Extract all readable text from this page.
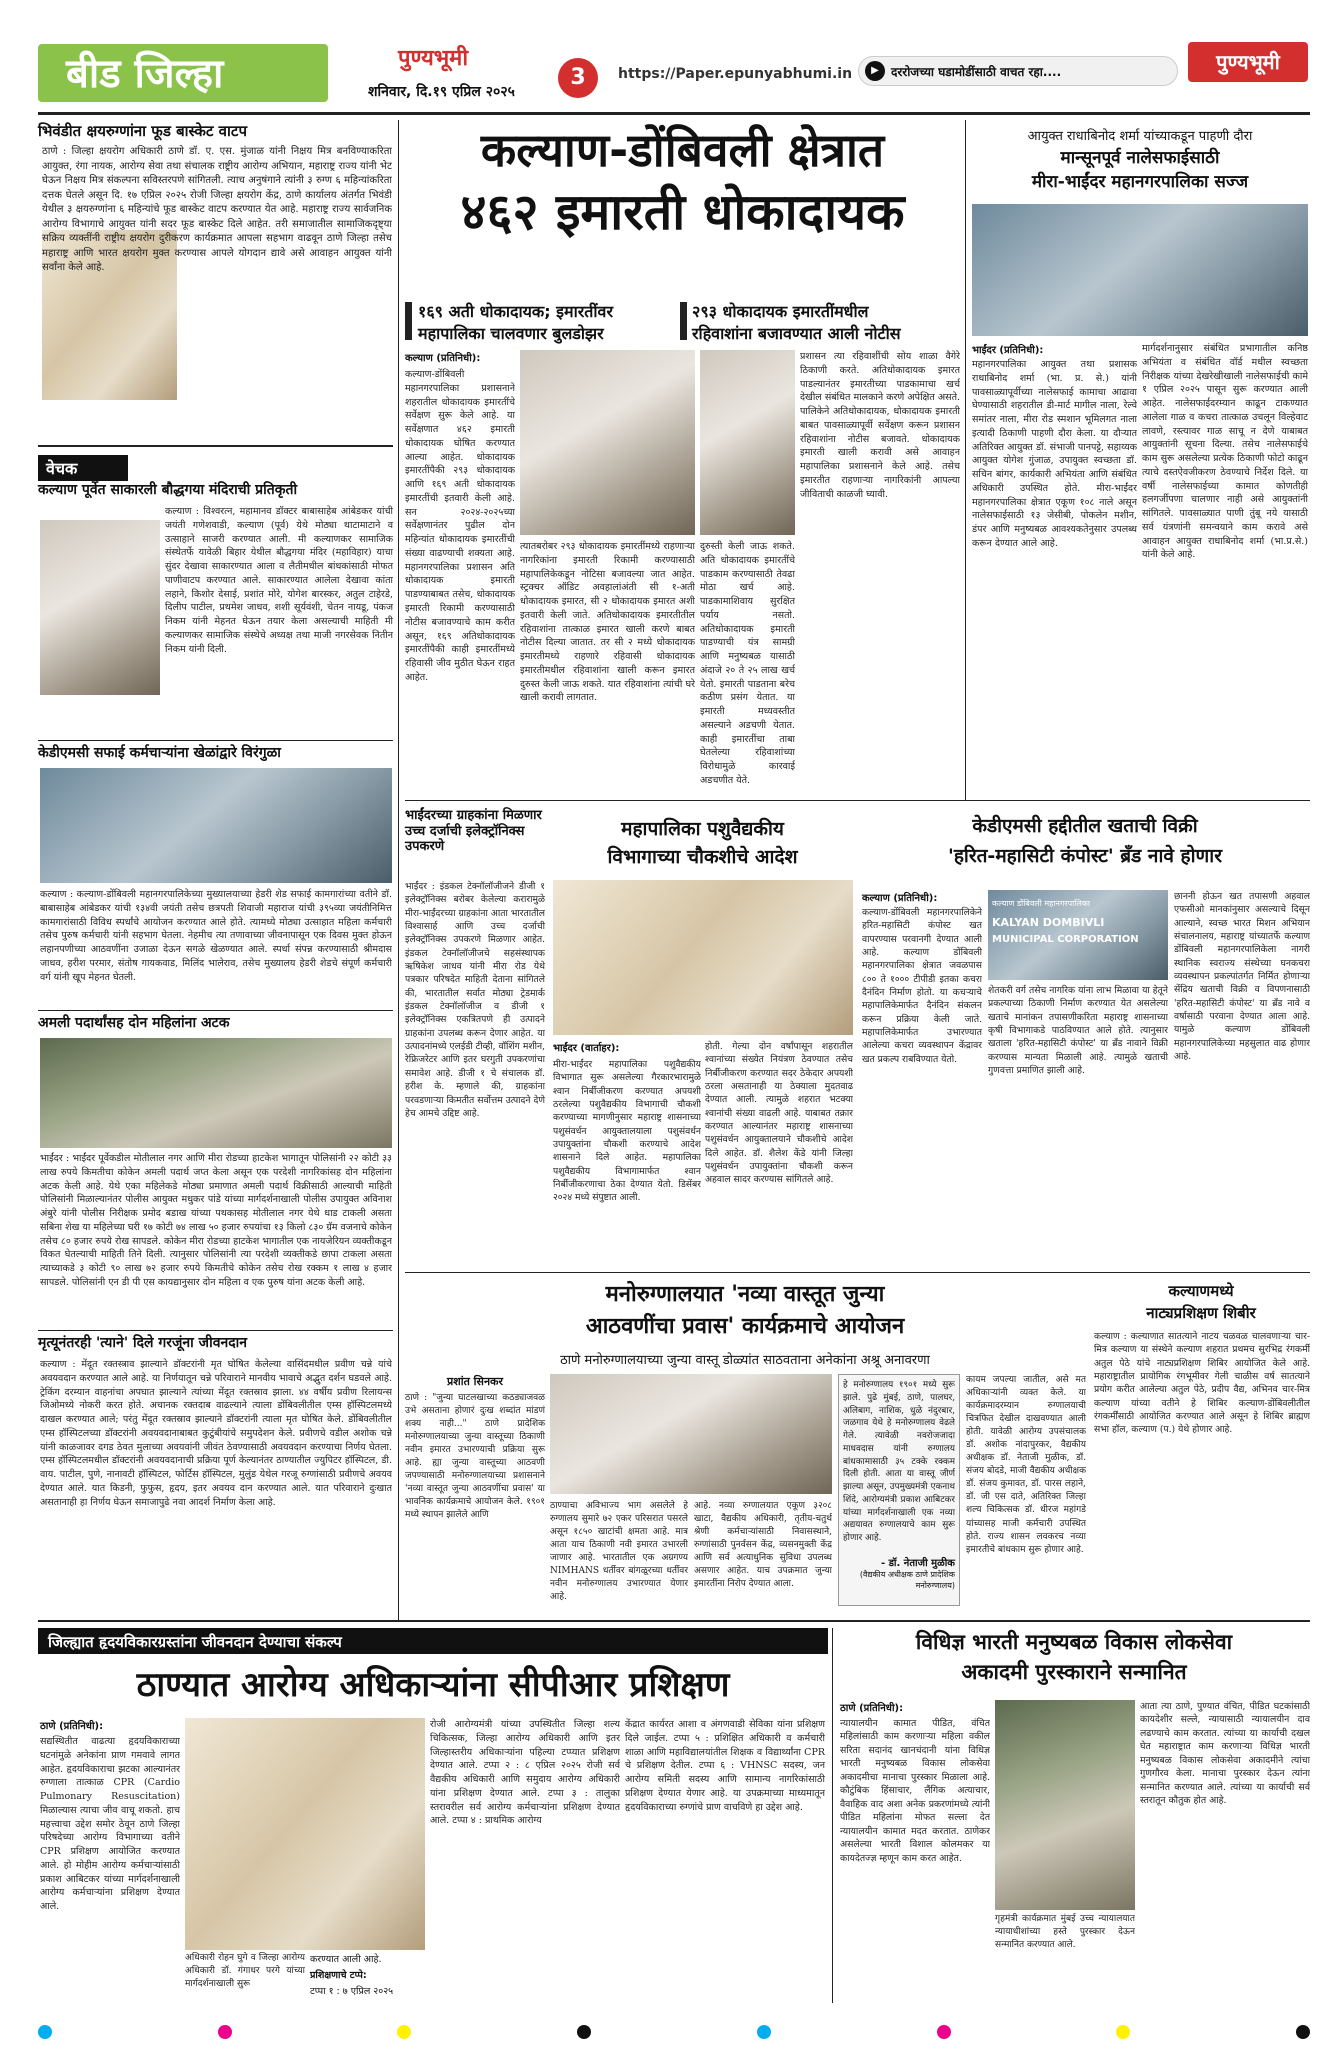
बीड जिल्हा	पुण्यभूमी
शनिवार, दि.१९ एप्रिल २०२५
3	https://Paper.epunyabhumi.in	▶	दररोजच्या घडामोडींसाठी वाचत रहा....	पुण्यभूमी
भिवंडीत क्षयरुग्णांना फूड बास्केट वाटप
ठाणे : जिल्हा क्षयरोग अधिकारी ठाणे डॉ. ए. एस. मुंजाळ यांनी निक्षय मित्र बनविण्याकरिता आयुक्त, रंगा नायक, आरोग्य सेवा तथा संचालक राष्ट्रीय आरोग्य अभियान, महाराष्ट्र राज्य यांनी भेट घेऊन निक्षय मित्र संकल्पना सविस्तरपणे सांगितली. त्याच अनुषंगाने त्यांनी ३ रुग्ण ६ महिन्यांकरिता दत्तक घेतले असून दि. १७ एप्रिल २०२५ रोजी जिल्हा क्षयरोग केंद्र, ठाणे कार्यालय अंतर्गत भिवंडी येथील ३ क्षयरुग्णांना ६ महिन्यांचे फूड बास्केट वाटप करण्यात येत आहे. महाराष्ट्र राज्य सार्वजनिक आरोग्य विभागाचे आयुक्त यांनी सदर फूड बास्केट दिले आहेत. तरी समाजातील सामाजिकदृष्ट्या सक्रिय व्यक्तींनी राष्ट्रीय क्षयरोग दुरीकरण कार्यक्रमात आपला सहभाग वाढवून ठाणे जिल्हा तसेच महाराष्ट्र आणि भारत क्षयरोग मुक्त करण्यास आपले योगदान द्यावे असे आवाहन आयुक्त यांनी सर्वांना केले आहे.
वेचक
कल्याण पूर्वेत साकारली बौद्धगया मंदिराची प्रतिकृती
कल्याण : विश्वरत्न, महामानव डॉक्टर बाबासाहेब आंबेडकर यांची जयंती गणेशवाडी, कल्याण (पूर्व) येथे मोठ्या थाटामाटाने व उत्साहाने साजरी करण्यात आली. मी कल्याणकर सामाजिक संस्थेतर्फे यावेळी बिहार येथील बौद्धगया मंदिर (महाविहार) याचा सुंदर देखावा साकारण्यात आला व लैतीमधील बांधकांसाठी मोफत पाणीवाटप करण्यात आले. साकारण्यात आलेला देखावा कांता लहाने, किशोर देसाई, प्रशांत मोरे, योगेश बारस्कर, अतुल टाहेरडे, दिलीप पाटील, प्रथमेश जाधव, शशी सूर्यवंशी, चेतन नायडू, पंकज निकम यांनी मेहनत घेऊन तयार केला असल्याची माहिती मी कल्याणकर सामाजिक संस्थेचे अध्यक्ष तथा माजी नगरसेवक नितीन निकम यांनी दिली.
केडीएमसी सफाई कर्मचाऱ्यांना खेळांद्वारे विरंगुळा
कल्याण : कल्याण-डोंबिवली महानगरपालिकेच्या मुख्यालयाच्या हेडरी शेड सफाई कामगारांच्या वतीने डॉ. बाबासाहेब आंबेडकर यांची १३४वी जयंती तसेच छत्रपती शिवाजी महाराज यांची ३९५व्या जयंतीनिमित्त कामगारांसाठी विविध स्पर्धांचे आयोजन करण्यात आले होते. त्यामध्ये मोठ्या उत्साहात महिला कर्मचारी तसेच पुरुष कर्मचारी यांनी सहभाग घेतला. नेहमीच त्या तणावाच्या जीवनापासून एक दिवस मुक्त होऊन लहानपणीच्या आठवणींना उजाळा देऊन सगळे खेळण्यात आले. स्पर्धा संपन्न करण्यासाठी श्रीमदास जाधव, हरीश परमार, संतोष गायकवाड, मिलिंद भालेराव, तसेच मुख्यालय हेडरी शेडचे संपूर्ण कर्मचारी वर्ग यांनी खूप मेहनत घेतली.
अमली पदार्थांसह दोन महिलांना अटक
भाईंदर : भाईंदर पूर्वेकडील मोतीलाल नगर आणि मीरा रोडच्या हाटकेश भागातून पोलिसांनी २२ कोटी ३३ लाख रुपये किमतीचा कोकेन अमली पदार्थ जप्त केला असून एक परदेशी नागरिकांसह दोन महिलांना अटक केली आहे. येथे एका महिलेकडे मोठ्या प्रमाणात अमली पदार्थ विक्रीसाठी आल्याची माहिती पोलिसांनी मिळाल्यानंतर पोलीस आयुक्त मधुकर पांडे यांच्या मार्गदर्शनाखाली पोलीस उपायुक्त अविनाश अंबुरे यांनी पोलीस निरीक्षक प्रमोद बडाख यांच्या पथकासह मोतीलाल नगर येथे धाड टाकली असता सबिना शेख या महिलेच्या घरी १७ कोटी ७४ लाख ५० हजार रुपयांचा १३ किलो ८३० ग्रॅम वजनाचे कोकेन तसेच ८० हजार रुपये रोख सापडले. कोकेन मीरा रोडच्या हाटकेश भागातील एक नायजेरियन व्यक्तीकडून विकत घेतल्याची माहिती तिने दिली. त्यानुसार पोलिसांनी त्या परदेशी व्यक्तीकडे छापा टाकला असता त्याच्याकडे ३ कोटी ९० लाख ७२ हजार रुपये किमतीचे कोकेन तसेच रोख रक्कम १ लाख ४ हजार सापडले. पोलिसांनी एन डी पी एस कायद्यानुसार दोन महिला व एक पुरुष यांना अटक केली आहे.
मृत्यूनंतरही 'त्याने' दिले गरजूंना जीवनदान
कल्याण : मेंदूत रक्तस्त्राव झाल्याने डॉक्टरांनी मृत घोषित केलेल्या वासिंदमधील प्रवीण चन्ने यांचे अवयवदान करण्यात आले आहे. या निर्णयातून चन्ने परिवाराने मानवीय भावाचे अद्भुत दर्शन घडवले आहे. ट्रेकिंग दरम्यान वाहनांचा अपघात झाल्याने त्यांच्या मेंदूत रक्तस्राव झाला. ४४ वर्षीय प्रवीण रिलायन्स जिओमध्ये नोकरी करत होते. अचानक रक्तदाब वाढल्याने त्याला डोंबिवलीतील एम्स हॉस्पिटलमध्ये दाखल करण्यात आले; परंतु मेंदूत रक्तस्राव झाल्याने डॉक्टरांनी त्याला मृत घोषित केले. डोंबिवलीतील एम्स हॉस्पिटलच्या डॉक्टरांनी अवयवदानाबाबत कुटुंबीयांचे समुपदेशन केले. प्रवीणचे वडील अशोक चन्ने यांनी काळजावर दगड ठेवत मुलाच्या अवयवांनी जीवंत ठेवण्यासाठी अवयवदान करण्याचा निर्णय घेतला. एम्स हॉस्पिटलमधील डॉक्टरांनी अवयवदानाची प्रक्रिया पूर्ण केल्यानंतर ठाण्यातील ज्युपिटर हॉस्पिटल, डी. वाय. पाटील, पुणे, नानावटी हॉस्पिटल, फोर्टिस हॉस्पिटल, मुलुंड येथेल गरजू रुग्णांसाठी प्रवीणचे अवयव देण्यात आले. यात किडनी, फुफुस, हृदय, इतर अवयव दान करण्यात आले. यात परिवाराने दुःखात असतानाही हा निर्णय घेऊन समाजापुढे नवा आदर्श निर्माण केला आहे.
कल्याण-डोंबिवली क्षेत्रात
४६२ इमारती धोकादायक
१६९ अती धोकादायक; इमारतींवर
महापालिका चालवणार बुलडोझर
२९३ धोकादायक इमारतींमधील
रहिवाशांना बजावण्यात आली नोटीस
कल्याण (प्रतिनिधी):
कल्याण-डोंबिवली महानगरपालिका प्रशासनाने शहरातील धोकादायक इमारतींचे सर्वेक्षण सुरू केले आहे. या सर्वेक्षणात ४६२ इमारती धोकादायक घोषित करण्यात आल्या आहेत. धोकादायक इमारतींपैकी २९३ धोकादायक आणि १६९ अती धोकादायक इमारतींची इतवारी केली आहे. सन २०२४-२०२५च्या सर्वेक्षणानंतर पुढील दोन महिन्यांत धोकादायक इमारतींची संख्या वाढण्याची शक्यता आहे. महानगरपालिका प्रशासन अति धोकादायक इमारती पाडण्याबाबत तसेच, धोकादायक इमारती रिकामी करण्यासाठी नोटीस बजावण्याचे काम करीत असून, १६९ अतिधोकादायक इमारतींपैकी काही इमारतींमध्ये रहिवासी जीव मुठीत घेऊन राहत आहेत.
त्यातबरोबर २९३ धोकादायक इमारतींमध्ये राहणाऱ्या नागरिकांना इमारती रिकामी करण्यासाठी महापालिकेकडून नोटिसा बजावल्या जात आहेत. स्ट्रक्चर ऑडिट अवहालांअंती सी १-अती धोकादायक इमारत, सी २ धोकादायक इमारत अशी इतवारी केली जाते. अतिधोकादायक इमारतीतील रहिवाशांना तात्काळ इमारत खाली करणे बाबत नोटीस दिल्या जातात. तर सी २ मध्ये धोकादायक इमारतीमध्ये राहणारे रहिवासी धोकादायक इमारतीमधील रहिवाशांना खाली करून इमारत दुरुस्त केली जाऊ शकते. यात रहिवाशांना त्यांची घरे खाली करावी लागतात.
दुरुस्ती केली जाऊ शकते. अति धोकादायक इमारतींचे पाडकाम करण्यासाठी तेवढा मोठा खर्च आहे. पाडकामाशिवाय सुरक्षित पर्याय नसतो. अतिधोकादायक इमारती पाडण्याची यंत्र सामग्री आणि मनुष्यबळ यासाठी अंदाजे २० ते २५ लाख खर्च येतो. इमारती पाडताना बरेच कठीण प्रसंग येतात. या इमारती मध्यवस्तीत असल्याने अडचणी येतात. काही इमारतींचा ताबा घेतलेल्या रहिवाशांच्या विरोधामुळे कारवाई अडचणीत येते.
प्रशासन त्या रहिवाशींची सोय शाळा वैगेरे ठिकाणी करते. अतिधोकादायक इमारत पाडल्यानंतर इमारतीच्या पाडकामाचा खर्च देखील संबंधित मालकाने करणे अपेक्षित असते. पालिकेने अतिधोकादायक, धोकादायक इमारती बाबत पावसाळ्यापूर्वी सर्वेक्षण करून प्रशासन रहिवाशांना नोटीस बजावते. धोकादायक इमारती खाली करावी असे आवाहन महापालिका प्रशासनाने केले आहे. तसेच इमारतीत राहणाऱ्या नागरिकांनी आपल्या जीविताची काळजी घ्यावी.
आयुक्त राधाबिनोद शर्मा यांच्याकडून पाहणी दौरा
मान्सूनपूर्व नालेसफाईसाठी
मीरा-भाईंदर महानगरपालिका सज्ज
भाईंदर (प्रतिनिधी):
महानगरपालिका आयुक्त तथा प्रशासक राधाबिनोद शर्मा (भा. प्र. से.) यांनी पावसाळ्यापूर्वीच्या नालेसफाई कामाचा आढावा घेण्यासाठी शहरातील डी-मार्ट मागील नाला, रेल्वे समांतर नाला, मीरा रोड स्मशान भूमिलगत नाला इत्यादी ठिकाणी पाहणी दौरा केला. या दौऱ्यात अतिरिक्त आयुक्त डॉ. संभाजी पानपट्टे, सहाय्यक आयुक्त योगेश गुंजाळ, उपायुक्त स्वच्छता डॉ. सचिन बांगर, कार्यकारी अभियंता आणि संबंधित अधिकारी उपस्थित होते. मीरा-भाईंदर महानगरपालिका क्षेत्रात एकूण १०८ नाले असून नालेसफाईसाठी १३ जेसीबी, पोकलेन मशीन, डंपर आणि मनुष्यबळ आवश्यकतेनुसार उपलब्ध करून देण्यात आले आहे.
मार्गदर्शनानुसार संबंधित प्रभागातील कनिष्ठ अभियंता व संबंधित वॉर्ड मधील स्वच्छता निरीक्षक यांच्या देखरेखीखाली नालेसफाईची कामे १ एप्रिल २०२५ पासून सुरू करण्यात आली आहेत. नालेसफाईदरम्यान काढून टाकण्यात आलेला गाळ व कचरा तात्काळ उचलून विल्हेवाट लावणे, रस्त्यावर गाळ साचू न देणे याबाबत आयुक्तांनी सूचना दिल्या. तसेच नालेसफाईचे काम सुरू असलेल्या प्रत्येक ठिकाणी फोटो काढून त्याचे दस्तऐवजीकरण ठेवण्याचे निर्देश दिले. या वर्षी नालेसफाईच्या कामात कोणतीही हलगर्जीपणा चालणार नाही असे आयुक्तांनी सांगितले. पावसाळ्यात पाणी तुंबू नये यासाठी सर्व यंत्रणांनी समन्वयाने काम करावे असे आवाहन आयुक्त राधाबिनोद शर्मा (भा.प्र.से.) यांनी केले आहे.
भाईंदरच्या ग्राहकांना मिळणार उच्च दर्जाची इलेक्ट्रॉनिक्स उपकरणे
भाईंदर : इंडकल टेक्नॉलॉजीजने डीजी १ इलेक्ट्रॉनिक्स बरोबर केलेल्या करारामुळे मीरा-भाईंदरच्या ग्राहकांना आता भारतातील विश्वासार्ह आणि उच्च दर्जाची इलेक्ट्रॉनिक्स उपकरणे मिळणार आहेत. इंडकल टेक्नॉलॉजीजचे सहसंस्थापक ऋषिकेश जाधव यांनी मीरा रोड येथे पत्रकार परिषदेत माहिती देताना सांगितले की, भारतातील सर्वात मोठ्या ट्रेडमार्क इंडकल टेक्नॉलॉजीज व डीजी १ इलेक्ट्रॉनिक्स एकत्रितपणे ही उत्पादने ग्राहकांना उपलब्ध करून देणार आहेत. या उत्पादनांमध्ये एलईडी टीव्ही, वॉशिंग मशीन, रेफ्रिजरेटर आणि इतर घरगुती उपकरणांचा समावेश आहे. डीजी १ चे संचालक डॉ. हरीश के. म्हणाले की, ग्राहकांना परवडणाऱ्या किमतीत सर्वोत्तम उत्पादने देणे हेच आमचे उद्दिष्ट आहे.
महापालिका पशुवैद्यकीय
विभागाच्या चौकशीचे आदेश
भाईंदर (वार्ताहर):
मीरा-भाईंदर महापालिका पशुवैद्यकीय विभागात सुरू असलेल्या गैरकारभारामुळे श्वान निर्बीजीकरण करण्यात अपयशी ठरलेल्या पशुवैद्यकीय विभागाची चौकशी करण्याच्या मागणीनुसार महाराष्ट्र शासनाच्या पशुसंवर्धन आयुक्तालयाला पशुसंवर्धन उपायुक्तांना चौकशी करण्याचे आदेश शासनाने दिले आहेत. महापालिका पशुवैद्यकीय विभागामार्फत श्वान निर्बीजीकरणाचा ठेका देण्यात येतो. डिसेंबर २०२४ मध्ये संपुष्टात आली.
होती. गेल्या दोन वर्षांपासून शहरातील श्वानांच्या संख्येत नियंत्रण ठेवण्यात तसेच निर्बीजीकरण करण्यात सदर ठेकेदार अपयशी ठरला असतानाही या ठेक्याला मुदतवाढ देण्यात आली. त्यामुळे शहरात भटक्या श्वानांची संख्या वाढली आहे. याबाबत तक्रार करण्यात आल्यानंतर महाराष्ट्र शासनाच्या पशुसंवर्धन आयुक्तालयाने चौकशीचे आदेश दिले आहेत. डॉ. शैलेश केंडे यांनी जिल्हा पशुसंवर्धन उपायुक्तांना चौकशी करून अहवाल सादर करण्यास सांगितले आहे.
केडीएमसी हद्दीतील खताची विक्री
'हरित-महासिटी कंपोस्ट' ब्रँड नावे होणार
कल्याण (प्रतिनिधी):
कल्याण-डोंबिवली महानगरपालिकेने हरित-महासिटी कंपोस्ट खत वापरण्यास परवानगी देण्यात आली आहे. कल्याण डोंबिवली महानगरपालिका क्षेत्रात जवळपास ८०० ते १००० टीपीडी इतका कचरा दैनंदिन निर्माण होतो. या कचऱ्याचे महापालिकेमार्फत दैनंदिन संकलन करून प्रक्रिया केली जाते. महापालिकेमार्फत उभारण्यात आलेल्या कचरा व्यवस्थापन केंद्रावर खत प्रकल्प राबविण्यात येतो.
कल्याण डोंबिवली महानगरपालिका
KALYAN DOMBIVLI
MUNICIPAL CORPORATION
शेतकरी वर्ग तसेच नागरिक यांना लाभ मिळावा या हेतूने प्रकल्पाच्या ठिकाणी निर्माण करण्यात येत असलेल्या खताचे मानांकन तपासणीकरिता महाराष्ट्र शासनाच्या कृषी विभागाकडे पाठविण्यात आले होते. त्यानुसार खताला 'हरित-महासिटी कंपोस्ट' या ब्रँड नावाने विक्री करण्यास मान्यता मिळाली आहे. त्यामुळे खताची गुणवत्ता प्रमाणित झाली आहे.
छाननी होऊन खत तपासणी अहवाल एफसीओ मानकांनुसार असल्याचे दिसून आल्याने, स्वच्छ भारत मिशन अभियान संचालनालय, महाराष्ट्र यांच्यातर्फे कल्याण डोंबिवली महानगरपालिकेला नागरी स्थानिक स्वराज्य संस्थेच्या घनकचरा व्यवस्थापन प्रकल्पांतर्गत निर्मित होणाऱ्या सेंद्रिय खताची विक्री व विपणनासाठी 'हरित-महासिटी कंपोस्ट' या ब्रँड नावे व वर्षासाठी परवाना देण्यात आला आहे. यामुळे कल्याण डोंबिवली महानगरपालिकेच्या महसुलात वाढ होणार आहे.
मनोरुग्णालयात 'नव्या वास्तूत जुन्या
आठवणींचा प्रवास' कार्यक्रमाचे आयोजन
ठाणे मनोरुग्णालयाच्या जुन्या वास्तू डोळ्यांत साठवताना अनेकांना अश्रू अनावरणा
प्रशांत सिनकर
ठाणे : "जुन्या घाटलखाच्या कठड्याजवळ उभे असताना होणारं दुःख शब्दांत मांडणं शक्य नाही..." ठाणे प्रादेशिक मनोरुग्णालयाच्या जुन्या वास्तूच्या ठिकाणी नवीन इमारत उभारण्याची प्रक्रिया सुरू आहे. ह्या जुन्या वास्तूच्या आठवणी जपण्यासाठी मनोरुग्णालयाच्या प्रशासनाने 'नव्या वास्तूत जुन्या आठवणींचा प्रवास' या भावनिक कार्यक्रमाचे आयोजन केले. १९०१ मध्ये स्थापन झालेले आणि
ठाण्याचा अविभाज्य भाग असलेले हे रुग्णालय सुमारे ७२ एकर परिसरात पसरले असून १८५० खाटांची क्षमता आहे. मात्र आता याच ठिकाणी नवी इमारत उभारली जाणार आहे. भारतातील एक अग्रगण्य NIMHANS धर्तीवर बांगळूरच्या धर्तीवर नवीन मनोरुग्णालय उभारण्यात येणार आहे.
आहे. नव्या रुग्णालयात एकूण ३२०८ खाटा, वैद्यकीय अधिकारी, तृतीय-चतुर्थ श्रेणी कर्मचाऱ्यांसाठी निवासस्थाने, रुग्णांसाठी पुनर्वसन केंद्र, व्यसनमुक्ती केंद्र आणि सर्व अत्याधुनिक सुविधा उपलब्ध असणार आहेत. याच उपक्रमात जुन्या इमारतींना निरोप देण्यात आला.
हे मनोरुग्णालय १९०१ मध्ये सुरू झाले. पुढे मुंबई, ठाणे, पालघर, अलिबाग, नाशिक, धुळे नंदुरबार, जळगाव येथे हे मनोरुग्णालय वेढले गेले. त्यावेळी नवरोजजादा माधवदास यांनी रुग्णालय बांधकामासाठी ३५ टक्के रक्कम दिली होती. आता या वास्तू जीर्ण झाल्या असून, उपमुख्यमंत्री एकनाथ शिंदे, आरोग्यमंत्री प्रकाश आबिटकर यांच्या मार्गदर्शनाखाली एक नव्या अद्ययावत रुग्णालयाचे काम सुरू होणार आहे.
- डॉ. नेताजी मुळीक
(वैद्यकीय अधीक्षक ठाणे प्रादेशिक मनोरुग्णालय)
कायम जपल्या जातील, असे मत अधिकाऱ्यांनी व्यक्त केले. या कार्यक्रमादरम्यान रुग्णालयाची चित्रफित देखील दाखवण्यात आली होती. यावेळी आरोग्य उपसंचालक डॉ. अशोक नांदापुरकर, वैद्यकीय अधीक्षक डॉ. नेताजी मुळीक, डॉ. संजय बोदडे, माजी वैद्यकीय अधीक्षक डॉ. संजय कुमावत, डॉ. पारस लहाने, डॉ. जी एस दाते, अतिरिक्त जिल्हा शल्य चिकित्सक डॉ. धीरज महांगडे यांच्यासह माजी कर्मचारी उपस्थित होते. राज्य शासन लवकरच नव्या इमारतीचे बांधकाम सुरू होणार आहे.
कल्याणमध्ये
नाट्यप्रशिक्षण शिबीर
कल्याण : कल्याणात सातत्याने नाटय चळवळ चालवणाऱ्या चार-मित्र कल्याण या संस्थेने कल्याण शहरात प्रथमच सुरभिद्र रंगकर्मी अतुल पेठे यांचे नाट्यप्रशिक्षण शिबिर आयोजित केले आहे. महाराष्ट्रातील प्रायोगिक रंगभूमीवर गेली चाळीस वर्ष सातत्याने प्रयोग करीत आलेल्या अतुल पेठे, प्रदीप वैद्य, अभिनव चार-मित्र कल्याण यांच्या वतीने हे शिबिर कल्याण-डोंबिवलीतील रंगकर्मींसाठी आयोजित करण्यात आले असून हे शिबिर ब्राह्मण सभा हॉल, कल्याण (प.) येथे होणार आहे.
जिल्ह्यात हृदयविकारग्रस्तांना जीवनदान देण्याचा संकल्प
ठाण्यात आरोग्य अधिकाऱ्यांना सीपीआर प्रशिक्षण
ठाणे (प्रतिनिधी):
सद्यस्थितीत वाढत्या हृदयविकाराच्या घटनांमुळे अनेकांना प्राण गमवावे लागत आहेत. हृदयविकाराचा झटका आल्यानंतर रुग्णाला तात्काळ CPR (Cardio Pulmonary Resuscitation) मिळाल्यास त्याचा जीव वाचू शकतो. हाच महत्त्वाचा उद्देश समोर ठेवून ठाणे जिल्हा परिषदेच्या आरोग्य विभागाच्या वतीने CPR प्रशिक्षण आयोजित करण्यात आले. हो मोहीम आरोग्य कर्मचाऱ्यांसाठी प्रकाश आबिटकर यांच्या मार्गदर्शनाखाली आरोग्य कर्मचाऱ्यांना प्रशिक्षण देण्यात आले.
अधिकारी रोहन घुगे व जिल्हा आरोग्य अधिकारी डॉ. गंगाधर परगे यांच्या मार्गदर्शनाखाली सुरू
करण्यात आली आहे.
प्रशिक्षणाचे टप्पे:
टप्पा १ : ७ एप्रिल २०२५
रोजी आरोग्यमंत्री यांच्या उपस्थितीत जिल्हा शल्य चिकित्सक, जिल्हा आरोग्य अधिकारी आणि इतर जिल्हास्तरीय अधिकाऱ्यांना पहिल्या टप्प्यात प्रशिक्षण देण्यात आले. टप्पा २ : ८ एप्रिल २०२५ रोजी सर्व वैद्यकीय अधिकारी आणि समुदाय आरोग्य अधिकारी यांना प्रशिक्षण देण्यात आले. टप्पा ३ : तालुका स्तरावरील सर्व आरोग्य कर्मचाऱ्यांना प्रशिक्षण देण्यात आले. टप्पा ४ : प्राथमिक आरोग्य
केंद्रात कार्यरत आशा व अंगणवाडी सेविका यांना प्रशिक्षण दिले जाईल. टप्पा ५ : प्रशिक्षित अधिकारी व कर्मचारी शाळा आणि महाविद्यालयांतील शिक्षक व विद्यार्थ्यांना CPR चे प्रशिक्षण देतील. टप्पा ६ : VHNSC सदस्य, जन आरोग्य समिती सदस्य आणि सामान्य नागरिकांसाठी प्रशिक्षण देण्यात येणार आहे. या उपक्रमाच्या माध्यमातून हृदयविकाराच्या रुग्णांचे प्राण वाचविणे हा उद्देश आहे.
विधिज्ञ भारती मनुष्यबळ विकास लोकसेवा
अकादमी पुरस्काराने सन्मानित
ठाणे (प्रतिनिधी):
न्यायालयीन कामात पीडित, वंचित महिलांसाठी काम करणाऱ्या महिला वकील सरिता सदानंद खानचंदानी यांना विधिज्ञ भारती मनुष्यबळ विकास लोकसेवा अकादमीचा मानाचा पुरस्कार मिळाला आहे. कौटुंबिक हिंसाचार, लैंगिक अत्याचार, वैवाहिक वाद अशा अनेक प्रकरणांमध्ये त्यांनी पीडित महिलांना मोफत सल्ला देत न्यायालयीन कामात मदत करतात. ठाणेकर असलेल्या भारती विशाल कोलमकर या कायदेतज्ज्ञ म्हणून काम करत आहेत.
गृहमंत्री कार्यक्रमात मुंबई उच्च न्यायालयात न्यायाधीशांच्या हस्ते पुरस्कार देऊन सन्मानित करण्यात आले.
आता त्या ठाणे, पुण्यात वंचित, पीडित घटकांसाठी कायदेशीर सल्ले, न्यायासाठी न्यायालयीन दाव लढण्याचे काम करतात. त्यांच्या या कार्याची दखल घेत महाराष्ट्रात काम करणाऱ्या विधिज्ञ भारती मनुष्यबळ विकास लोकसेवा अकादमीने त्यांचा गुणगौरव केला. मानाचा पुरस्कार देऊन त्यांना सन्मानित करण्यात आले. त्यांच्या या कार्याची सर्व स्तरातून कौतुक होत आहे.
